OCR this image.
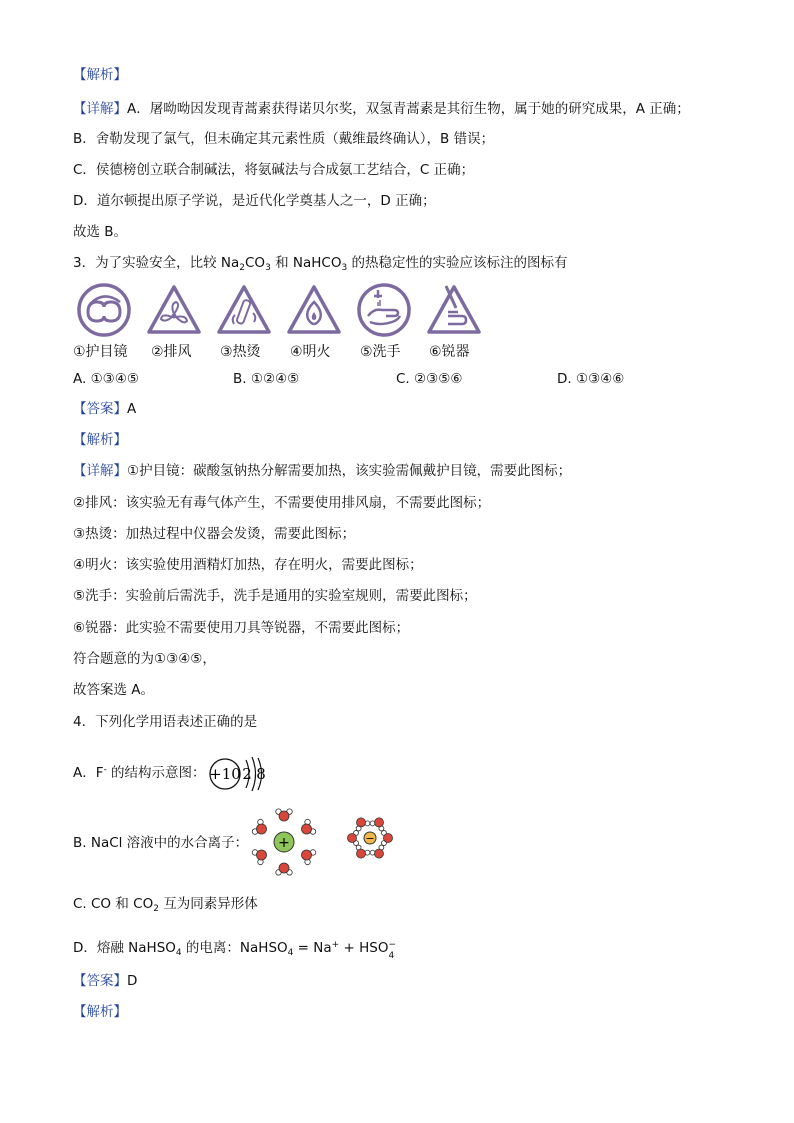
【解析】
【详解】A．屠呦呦因发现青蒿素获得诺贝尔奖，双氢青蒿素是其衍生物，属于她的研究成果，A 正确；
B．舍勒发现了氯气，但未确定其元素性质（戴维最终确认），B 错误；
C．侯德榜创立联合制碱法，将氨碱法与合成氨工艺结合，C 正确；
D．道尔顿提出原子学说，是近代化学奠基人之一，D 正确；
故选 B。
3．为了实验安全，比较 $Na_2CO_3$ 和 NaHCO$_3$ 的热稳定性的实验应该标注的图标有
①护目镜 ②排风 ③热烫 ④明火 ⑤洗手 ⑥锐器
A. ①③④⑤	B. ①②④⑤	C. ②③⑤⑥	D. ①③④⑥
【答案】A
【解析】
【详解】①护目镜：碳酸氢钠热分解需要加热，该实验需佩戴护目镜，需要此图标；
②排风：该实验无有毒气体产生，不需要使用排风扇，不需要此图标；
③热烫：加热过程中仪器会发烫，需要此图标；
④明火：该实验使用酒精灯加热，存在明火，需要此图标；
⑤洗手：实验前后需洗手，洗手是通用的实验室规则，需要此图标；
⑥锐器：此实验不需要使用刀具等锐器，不需要此图标；
符合题意的为①③④⑤，
故答案选 A。
4．下列化学用语表述正确的是
A．F- 的结构示意图： +10 2 8
B. NaCl 溶液中的水合离子： +	−
C. CO 和 $CO_2$ 互为同素异形体
D．熔融 NaHSO$_4$ 的电离：NaHSO$_4$ = Na+ + HSO −
4
【答案】D
【解析】
